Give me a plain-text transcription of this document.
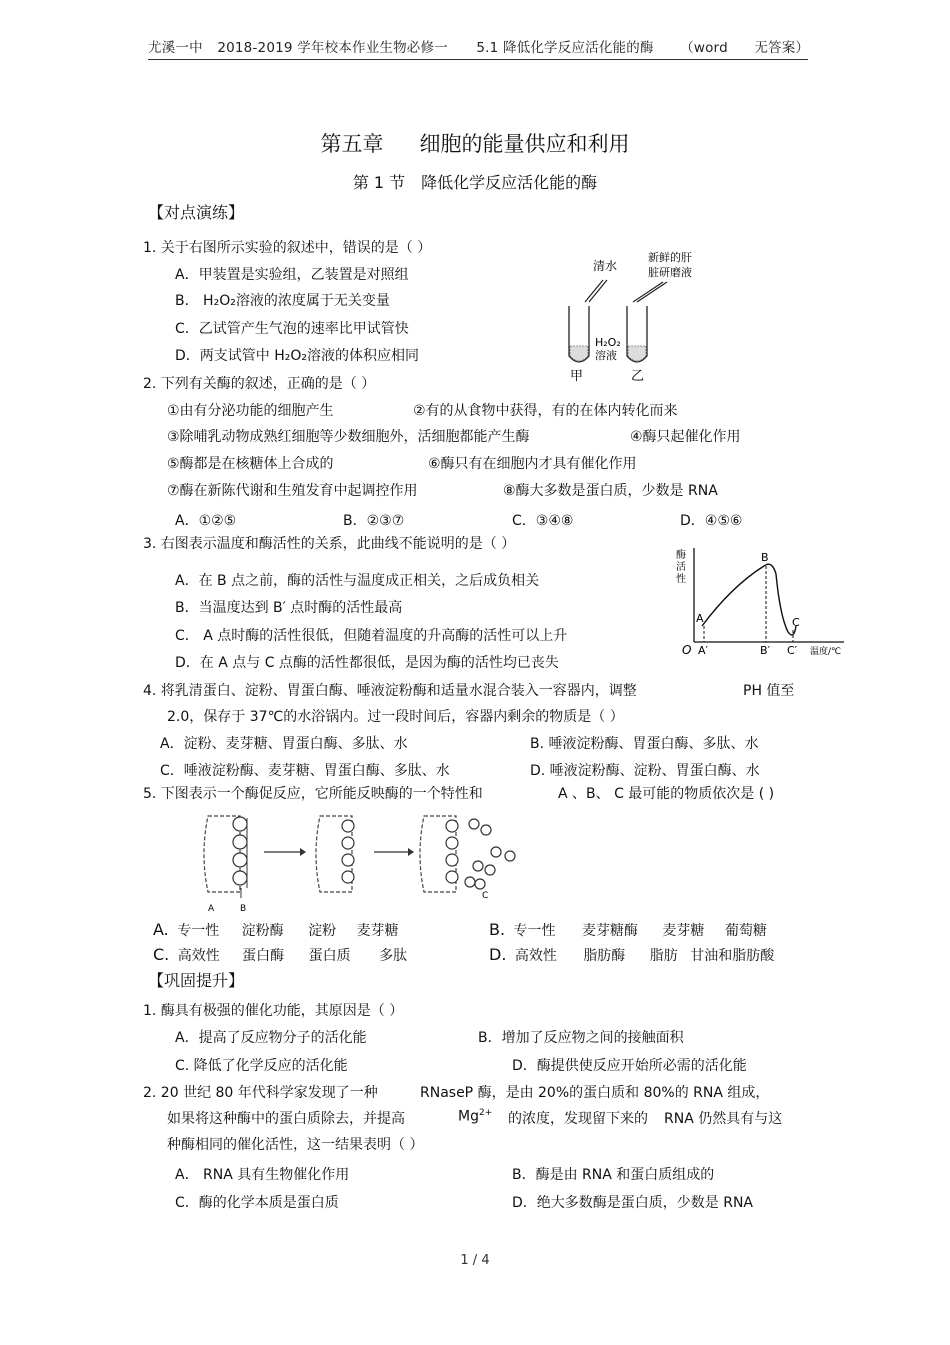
尤溪一中 2018-2019 学年校本作业生物必修一 5.1 降低化学反应活化能的酶 （word 无答案）
第五章 细胞的能量供应和利用
第 1 节 降低化学反应活化能的酶
【对点演练】
1. 关于右图所示实验的叙述中，错误的是（ ）
A．甲装置是实验组，乙装置是对照组
B． H₂O₂溶液的浓度属于无关变量
C．乙试管产生气泡的速率比甲试管快
D．两支试管中 H₂O₂溶液的体积应相同
清水
新鲜的肝
脏研磨液
H₂O₂
溶液
甲	乙
2. 下列有关酶的叙述，正确的是（ ）
①由有分泌功能的细胞产生	②有的从食物中获得，有的在体内转化而来
③除哺乳动物成熟红细胞等少数细胞外，活细胞都能产生酶	④酶只起催化作用
⑤酶都是在核糖体上合成的	⑥酶只有在细胞内才具有催化作用
⑦酶在新陈代谢和生殖发育中起调控作用	⑧酶大多数是蛋白质，少数是 RNA
A．①②⑤	B．②③⑦	C．③④⑧	D．④⑤⑥
3. 右图表示温度和酶活性的关系，此曲线不能说明的是（ ）
A．在 B 点之前，酶的活性与温度成正相关，之后成负相关
B．当温度达到 B′ 点时酶的活性最高
C． A 点时酶的活性很低，但随着温度的升高酶的活性可以上升
D．在 A 点与 C 点酶的活性都很低，是因为酶的活性均已丧失
酶
活
性
O
A
A′
B
B′
C
C′ 温度/℃
4. 将乳清蛋白、淀粉、胃蛋白酶、唾液淀粉酶和适量水混合装入一容器内，调整	PH 值至
2.0，保存于 37℃的水浴锅内。过一段时间后，容器内剩余的物质是（ ）
A．淀粉、麦芽糖、胃蛋白酶、多肽、水	B. 唾液淀粉酶、胃蛋白酶、多肽、水
C．唾液淀粉酶、麦芽糖、胃蛋白酶、多肽、水	D. 唾液淀粉酶、淀粉、胃蛋白酶、水
5. 下图表示一个酶促反应，它所能反映酶的一个特性和	A 、B、 C 最可能的物质依次是 ( )
A	B
C
A. 专一性 淀粉酶 淀粉 麦芽糖	B. 专一性 麦芽糖酶 麦芽糖 葡萄糖
C. 高效性 蛋白酶 蛋白质 多肽	D. 高效性 脂肪酶 脂肪 甘油和脂肪酸
【巩固提升】
1. 酶具有极强的催化功能，其原因是（ ）
A．提高了反应物分子的活化能	B．增加了反应物之间的接触面积
C. 降低了化学反应的活化能	D．酶提供使反应开始所必需的活化能
2. 20 世纪 80 年代科学家发现了一种	RNaseP 酶，是由 20%的蛋白质和 80%的 RNA 组成，
如果将这种酶中的蛋白质除去，并提高	$Mg^{2+}$ 的浓度，发现留下来的 RNA 仍然具有与这
种酶相同的催化活性，这一结果表明（ ）
A． RNA 具有生物催化作用	B．酶是由 RNA 和蛋白质组成的
C．酶的化学本质是蛋白质	D．绝大多数酶是蛋白质，少数是 RNA
1 / 4
